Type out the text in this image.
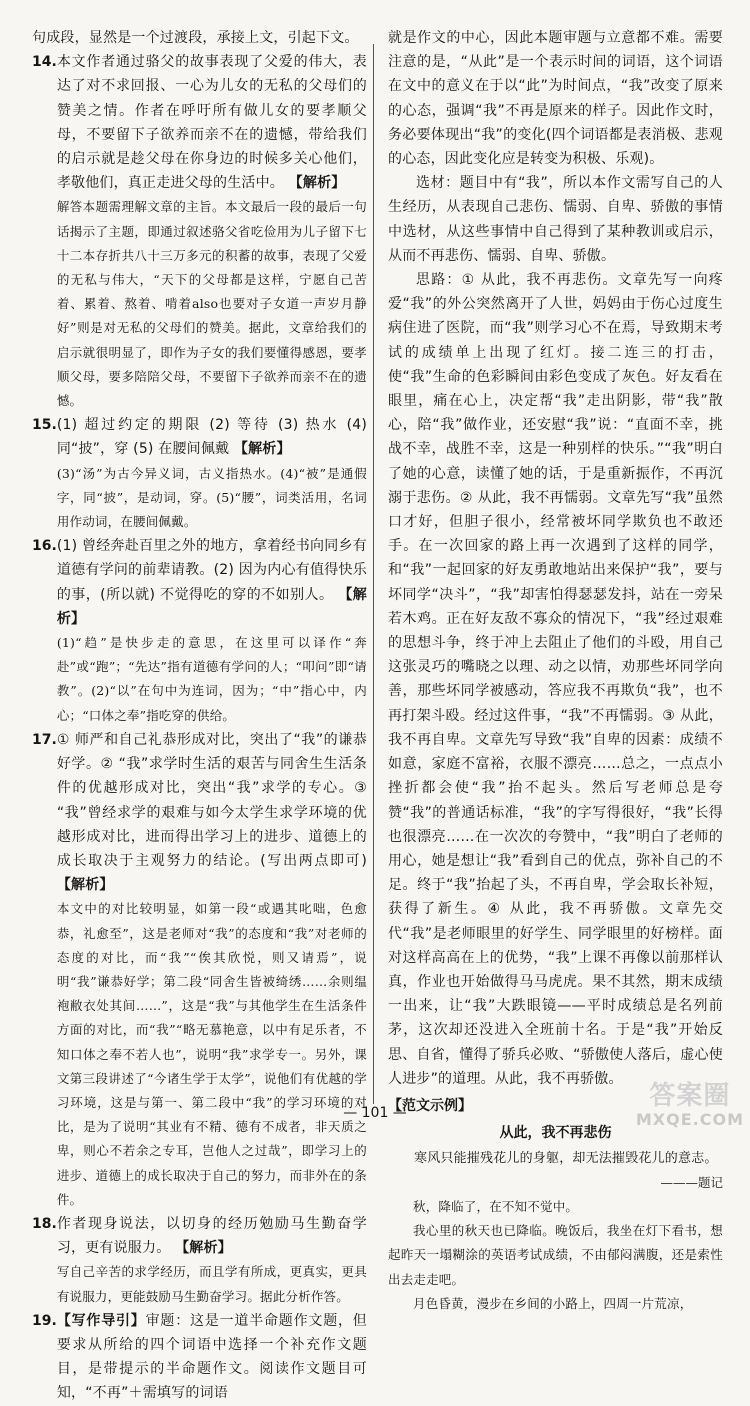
句成段，显然是一个过渡段，承接上文，引起下文。

14. 本文作者通过骆父的故事表现了父爱的伟大，表达了对不求回报、一心为儿女的无私的父母们的赞美之情。作者在呼吁所有做儿女的要孝顺父母，不要留下子欲养而亲不在的遗憾，带给我们的启示就是趁父母在你身边的时候多关心他们，孝敬他们，真正走进父母的生活中。 【解析】

解答本题需理解文章的主旨。本文最后一段的最后一句话揭示了主题，即通过叙述骆父省吃俭用为儿子留下七十二本存折共八十三万多元的积蓄的故事，表现了父爱的无私与伟大，“天下的父母都是这样，宁愿自己苦着、累着、熬着、啃着also也要对子女道一声岁月静好”则是对无私的父母们的赞美。据此，文章给我们的启示就很明显了，即作为子女的我们要懂得感恩，要孝顺父母，要多陪陪父母，不要留下子欲养而亲不在的遗憾。

15. (1) 超过约定的期限 (2) 等待 (3) 热水 (4) 同“披”，穿 (5) 在腰间佩戴 【解析】

(3)“汤”为古今异义词，古义指热水。(4)“被”是通假字，同“披”，是动词，穿。(5)“腰”，词类活用，名词用作动词，在腰间佩戴。

16. (1) 曾经奔赴百里之外的地方，拿着经书向同乡有道德有学问的前辈请教。(2) 因为内心有值得快乐的事，(所以就) 不觉得吃的穿的不如别人。 【解析】

(1)“趋”是快步走的意思，在这里可以译作“奔赴”或“跑”；“先达”指有道德有学问的人；“叩问”即“请教”。(2)“以”在句中为连词，因为；“中”指心中，内心；“口体之奉”指吃穿的供给。

17. ① 师严和自己礼恭形成对比，突出了“我”的谦恭好学。② “我”求学时生活的艰苦与同舍生生活条件的优越形成对比，突出“我”求学的专心。③ “我”曾经求学的艰难与如今太学生求学环境的优越形成对比，进而得出学习上的进步、道德上的成长取决于主观努力的结论。(写出两点即可) 【解析】

本文中的对比较明显，如第一段“或遇其叱咄，色愈恭，礼愈至”，这是老师对“我”的态度和“我”对老师的态度的对比，而“我”“俟其欣悦，则又请焉”，说明“我”谦恭好学；第二段“同舍生皆被绮绣……余则缊袍敝衣处其间……”，这是“我”与其他学生在生活条件方面的对比，而“我”“略无慕艳意，以中有足乐者，不知口体之奉不若人也”，说明“我”求学专一。另外，课文第三段讲述了“今诸生学于太学”，说他们有优越的学习环境，这是与第一、第二段中“我”的学习环境的对比，是为了说明“其业有不精、德有不成者，非天质之卑，则心不若余之专耳，岂他人之过哉”，即学习上的进步、道德上的成长取决于自己的努力，而非外在的条件。

18. 作者现身说法，以切身的经历勉励马生勤奋学习，更有说服力。 【解析】

写自己辛苦的求学经历，而且学有所成，更真实，更具有说服力，更能鼓励马生勤奋学习。据此分析作答。

19. 【写作导引】审题：这是一道半命题作文题，但要求从所给的四个词语中选择一个补充作文题目，是带提示的半命题作文。阅读作文题目可知，“不再”＋需填写的词语

就是作文的中心，因此本题审题与立意都不难。需要注意的是，“从此”是一个表示时间的词语，这个词语在文中的意义在于以“此”为时间点，“我”改变了原来的心态，强调“我”不再是原来的样子。因此作文时，务必要体现出“我”的变化(四个词语都是表消极、悲观的心态，因此变化应是转变为积极、乐观)。

选材：题目中有“我”，所以本作文需写自己的人生经历，从表现自己悲伤、懦弱、自卑、骄傲的事情中选材，从这些事情中自己得到了某种教训或启示，从而不再悲伤、懦弱、自卑、骄傲。

思路：① 从此，我不再悲伤。文章先写一向疼爱“我”的外公突然离开了人世，妈妈由于伤心过度生病住进了医院，而“我”则学习心不在焉，导致期末考试的成绩单上出现了红灯。接二连三的打击，使“我”生命的色彩瞬间由彩色变成了灰色。好友看在眼里，痛在心上，决定帮“我”走出阴影，带“我”散心，陪“我”做作业，还安慰“我”说：“直面不幸，挑战不幸，战胜不幸，这是一种别样的快乐。”“我”明白了她的心意，读懂了她的话，于是重新振作，不再沉溺于悲伤。② 从此，我不再懦弱。文章先写“我”虽然口才好，但胆子很小，经常被坏同学欺负也不敢还手。在一次回家的路上再一次遇到了这样的同学，和“我”一起回家的好友勇敢地站出来保护“我”，要与坏同学“决斗”，“我”却害怕得瑟瑟发抖，站在一旁呆若木鸡。正在好友敌不寡众的情况下，“我”经过艰难的思想斗争，终于冲上去阻止了他们的斗殴，用自己这张灵巧的嘴晓之以理、动之以情，劝那些坏同学向善，那些坏同学被感动，答应我不再欺负“我”，也不再打架斗殴。经过这件事，“我”不再懦弱。③ 从此，我不再自卑。文章先写导致“我”自卑的因素：成绩不如意，家庭不富裕，衣服不漂亮……总之，一点点小挫折都会使“我”抬不起头。然后写老师总是夸赞“我”的普通话标准，“我”的字写得很好，“我”长得也很漂亮……在一次次的夸赞中，“我”明白了老师的用心，她是想让“我”看到自己的优点，弥补自己的不足。终于“我”抬起了头，不再自卑，学会取长补短，获得了新生。④ 从此，我不再骄傲。文章先交代“我”是老师眼里的好学生、同学眼里的好榜样。面对这样高高在上的优势，“我”上课不再像以前那样认真，作业也开始做得马马虎虎。果不其然，期末成绩一出来，让“我”大跌眼镜——平时成绩总是名列前茅，这次却还没进入全班前十名。于是“我”开始反思、自省，懂得了骄兵必败、“骄傲使人落后，虚心使人进步”的道理。从此，我不再骄傲。

【范文示例】
从此，我不再悲伤

寒风只能摧残花儿的身躯，却无法摧毁花儿的意志。

———题记

秋，降临了，在不知不觉中。

我心里的秋天也已降临。晚饭后，我坐在灯下看书，想起昨天一塌糊涂的英语考试成绩，不由郁闷满腹，还是索性出去走走吧。

月色昏黄，漫步在乡间的小路上，四周一片荒凉，

— 101 —
答案圈
MXQE.COM
